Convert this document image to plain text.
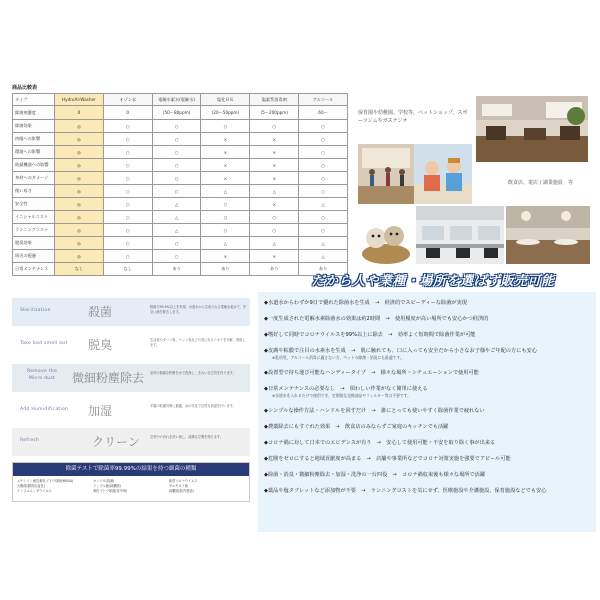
商品比較表
タイプ	HydroAirWasher	オゾン水	電解水素水(電解水)	塩化ＢＫ	塩素系消毒剤	アルコール
除菌剤濃度	0	0	(50〜80ppm)	(20〜50ppm)	(5〜200ppm)	60〜
除菌効果	◎	○	○	○	○	○
肉眼への影響	◎	○	○	×	×	○
環境への影響	◎	○	○	×	×	○
防錆機器への影響	◎	○	○	×	×	○
身材へのダメージ	◎	○	○	×	×	○
使い易さ	◎	○	○	△	△	○
安全性	◎	○	△	○	×	△
イニシャルコスト	◎	○	△	○	○	○
ランニングコスト	◎	○	△	○	○	○
脱臭効果	◎	○	○	△	△	△
周辺の配慮	◎	○	○	×	×	△
日常メンテナンス	なし	なし	あり	あり	あり	あり
保育園や幼稚園、学校等、ペットショップ、スポーツジムやガステジオ
飲食店、電店 / 調業施設　等
だから人や業種・場所を選ばず販売可能
Sterilization	殺菌	除菌力99.9%以上を実現。水道水から生成される電解水素水で、安全に菌を除去します。
Take bad smell out 脱臭	生活臭やタバコ臭、ペット臭などの気になるニオイを分解、消臭します。
Remove the Micro dust	微細粉塵除去 室内の微細な粉塵を水で洗浄し、きれいな空気を作ります。
Add Humidification 加湿	冬場の乾燥対策に最適。水の気化で自然な加湿を行います。
Refresh	クリーン	空気中の汚れを洗い流し、清潔な空間を保ちます。
除菌テストで除菌率99.99%の結果を持つ細菌の種類
メチシリン耐性黄色ブドウ球菌(MRSA)
大腸菌(腸管出血性)
インフルエンザウイルス
カンジダ(真菌)
ランブル菌(緑膿菌)
黄色ブドウ球菌(食中毒)
新型コロナウイルス
サルモネラ菌
緑膿菌(院内感染)
◆水道水からわずか9日で優れた除菌水を生成　→　経済的でスピーディーな除菌が実現
◆一度生成された電解水素除菌水の効果は約2時間　→　使用頻度が高い場所でも安心かつ経済的
◆嗜好して同時でコロナウイルスを99%以上に除去　→　効率よく短時間で除菌作業が可能
◆皮膚や粘膜で注目の水素水を生成　→　肌に触れても、口に入っても安全だから小さなお子様やご年配の方にも安心
※乳幼児、アルコール消毒に適さない方、ペットの除菌・消臭にも最適です。
◆設置型で持ち運び可能なハンディータイプ　→　様々な場所・シチュエーションで使用可能
◆日常メンテナンスの必要なし　→　煩わしい作業がなく簡単に使える
※水道水を入れるだけで使用でき、定期的な交換部品やフィルター等は不要です。
◆シンプルな操作方法・ハンドルを回すだけ　→　誰にとっても使いやすく除菌作業で疲れない
◆農薬除去にもすぐれた効果　→　飲食店のみならずご家庭のキッチンでも活躍
◆コロナ禍に対して日本でのエビデンスが有り　→　安心して使用可能・不安を取り除く事が出来る
◆危険をゼロにすると地域貢献度が高まる　→　店舗や事業所などでコロナ対策実施を強要でアピール可能
◆除菌・消臭・微細粉塵除去・加湿・洗浄の一台四役　→　コロナ禍収束後も様々な場所で活躍
◆薬品や塩タブレットなど添加物が不要　→　ランニングコストを気にせず、医療施設や介護施設、保育施設などでも安心
